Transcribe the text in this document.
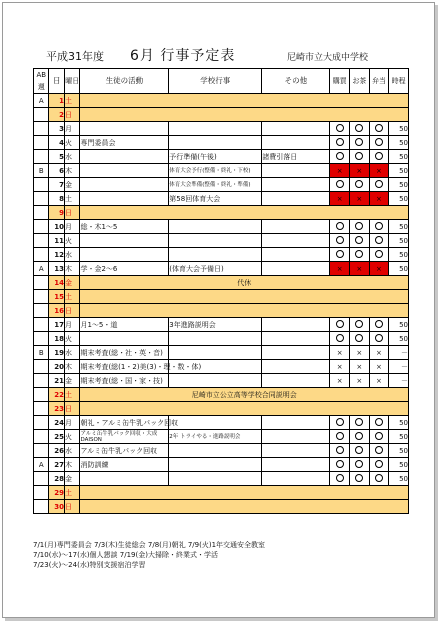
平成31年度 6月 行事予定表	尼崎市立大成中学校
AB週	日	曜日	生徒の活動	学校行事	その他	購買	お茶	弁当	時程
A	1	土							
	2	日							
	3	月							50
	4	火	専門委員会						50
	5	水		予行準備(午後)	諸費引落日				50
B	6	木		体育大会予行(整備・終礼・下校)		×	×	×	50
	7	金		体育大会準備(整備・終礼・準備)					50
	8	土		第58回体育大会		×	×	×	50
	9	日							
	10	月	総・木1～5						50
	11	火							50
	12	水							50
A	13	木	学・金2～6	(体育大会予備日)		×	×	×	50
	14	金	代休						
	15	土							
	16	日							
	17	月	月1～5・道	3年進路説明会					50
	18	火							50
B	19	水	期末考査(総・社・英・音)			×	×	×	－
	20	木	期末考査(総(1・2)美(3)・理・数・体)			×	×	×	－
	21	金	期末考査(総・国・家・技)			×	×	×	－
	22	土	尼崎市立公立高等学校合同説明会						
	23	日							
	24	月	朝礼・アルミ缶牛乳パック回収						50
	25	火	アルミ缶牛乳パック回収・大成DAISON	2年 トライやる・進路説明会					50
	26	水	アルミ缶牛乳パック回収						50
A	27	木	消防訓練						50
	28	金							50
	29	土							
	30	日							
7/1(月)専門委員会 7/3(木)生徒総会 7/8(月)朝礼 7/9(火)1年交通安全教室
7/10(水)～17(水)個人懇談 7/19(金)大掃除・終業式・学活
7/23(火)～24(水)特別支援宿泊学習
